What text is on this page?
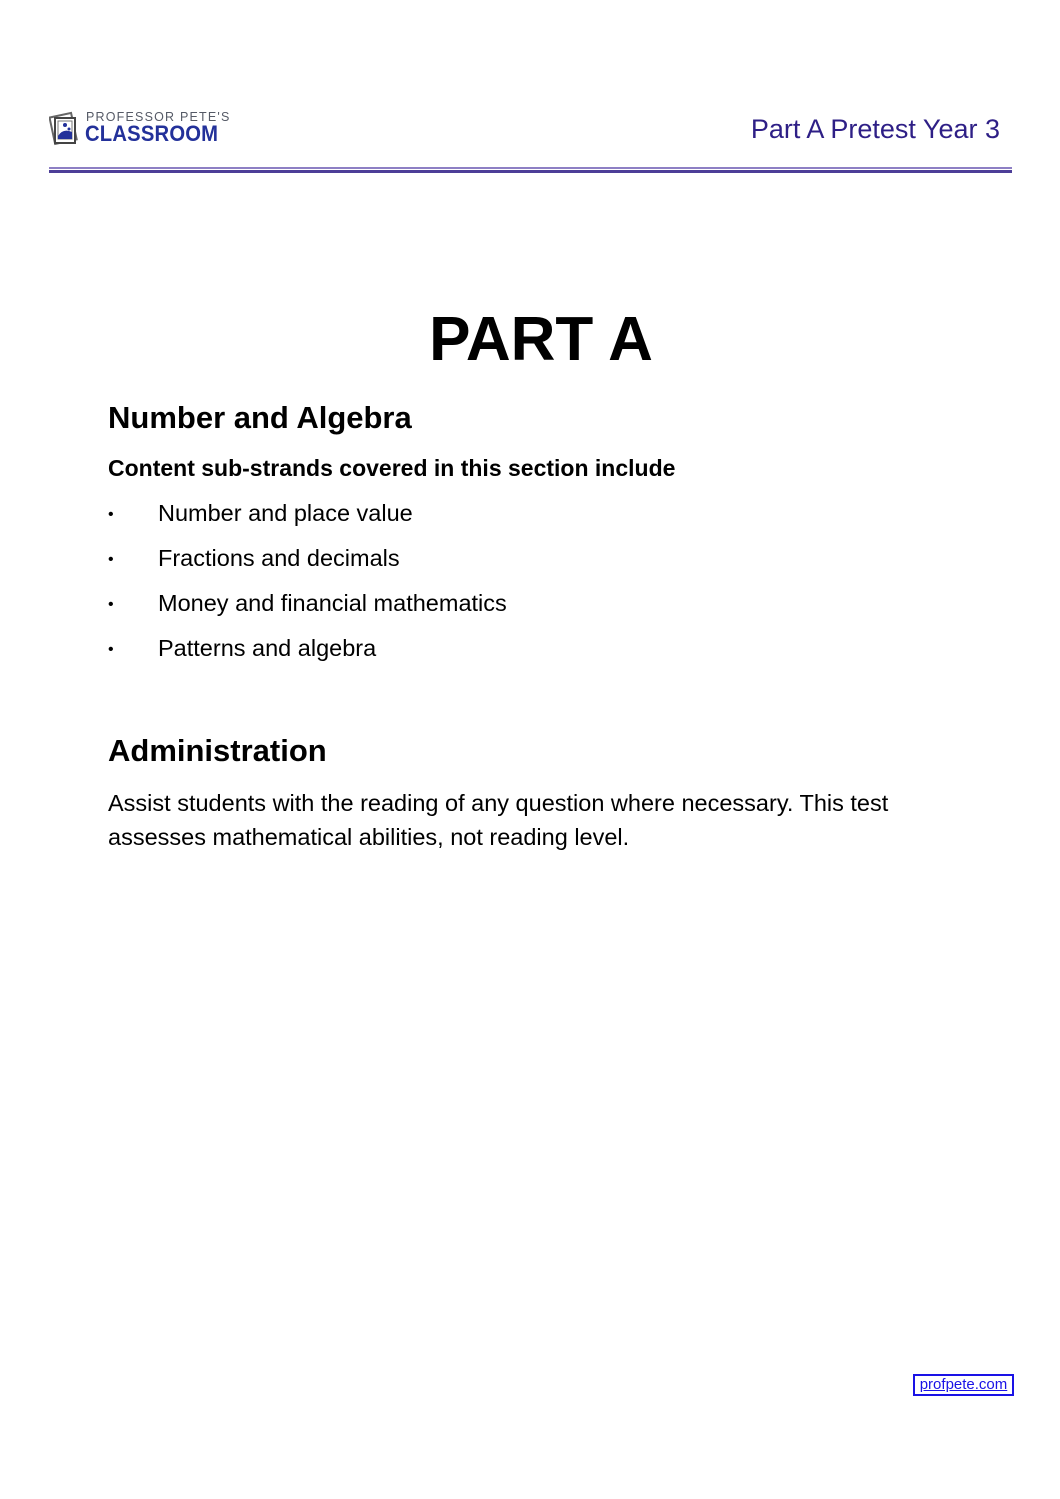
PROFESSOR PETE'S
CLASSROOM	Part A Pretest Year 3
PART A
Number and Algebra
Content sub-strands covered in this section include
• Number and place value
• Fractions and decimals
• Money and financial mathematics
• Patterns and algebra
Administration
Assist students with the reading of any question where necessary. This test assesses mathematical abilities, not reading level.
profpete.com
